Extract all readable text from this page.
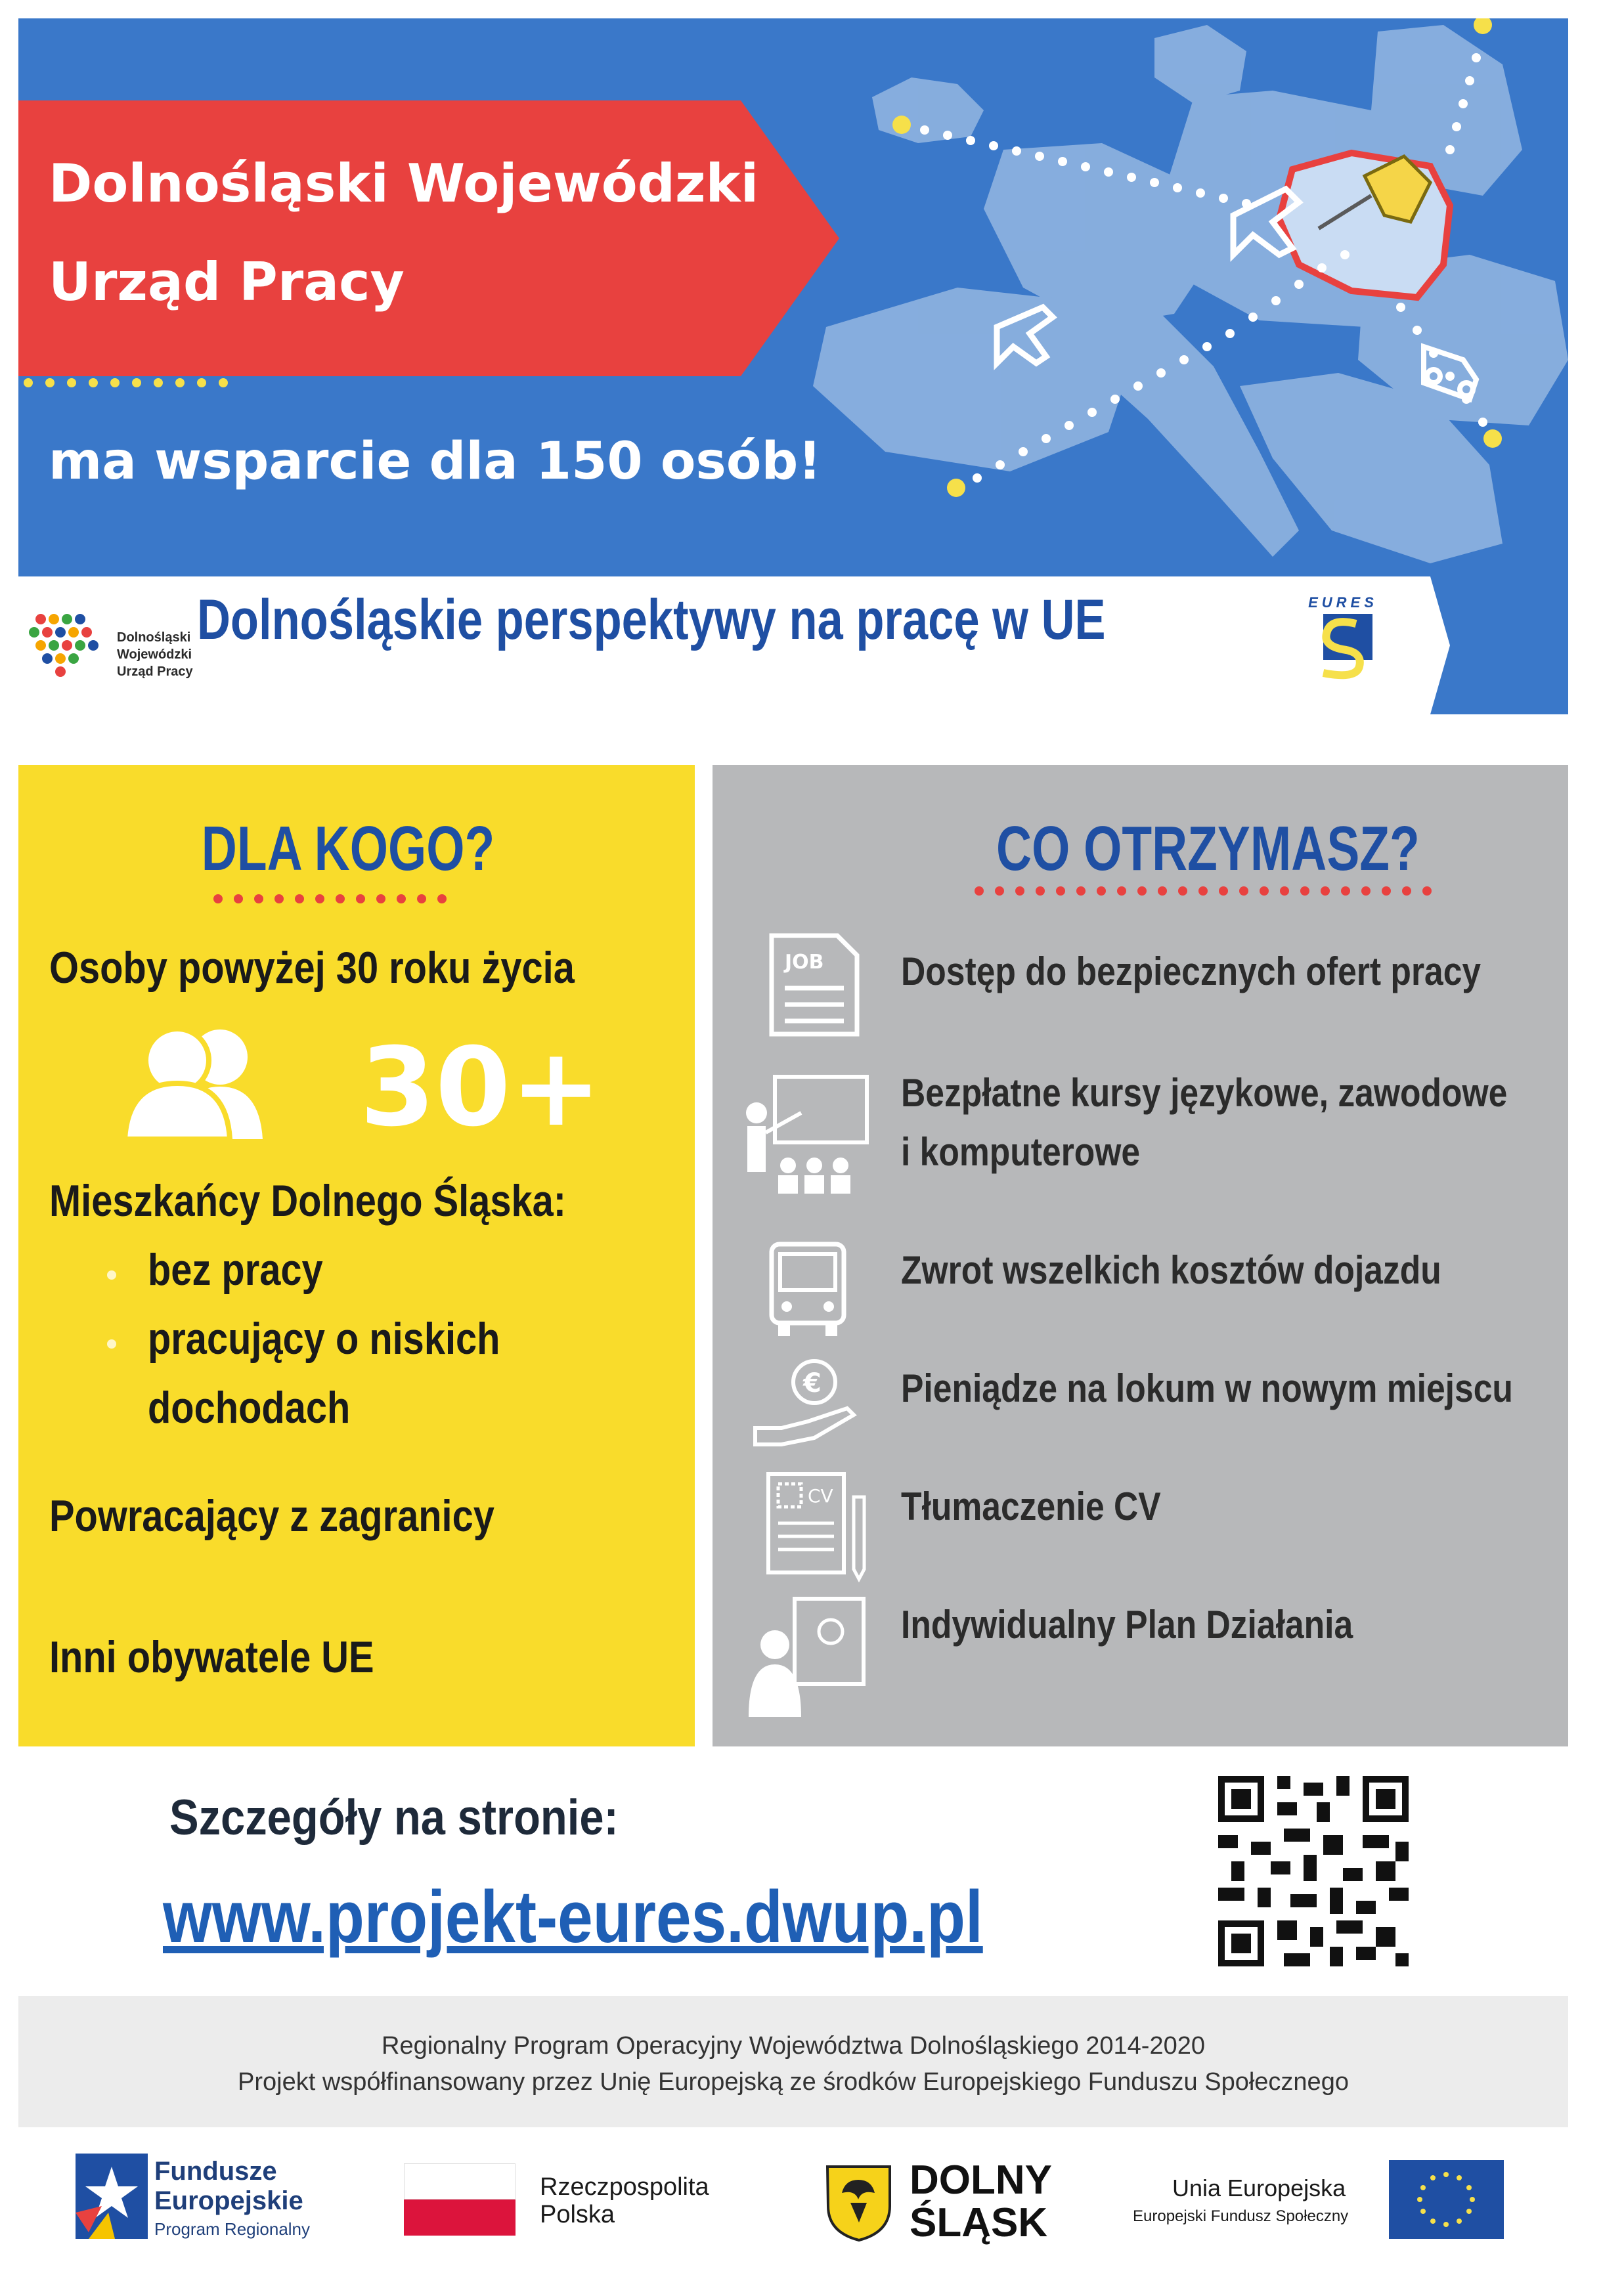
Dolnośląski Wojewódzki
Urząd Pracy
ma wsparcie dla 150 osób!
Dolnośląski
Wojewódzki
Urząd Pracy
Dolnośląskie perspektywy na pracę w UE	EURES
DLA KOGO?
Osoby powyżej 30 roku życia
30+
Mieszkańcy Dolnego Śląska:
bez pracy
pracujący o niskich
dochodach
Powracający z zagranicy
Inni obywatele UE
CO OTRZYMASZ?
JOB
€
CV
Dostęp do bezpiecznych ofert pracy
Bezpłatne kursy językowe, zawodowe
i komputerowe
Zwrot wszelkich kosztów dojazdu
Pieniądze na lokum w nowym miejscu
Tłumaczenie CV
Indywidualny Plan Działania
Szczegóły na stronie:
www.projekt-eures.dwup.pl
Regionalny Program Operacyjny Województwa Dolnośląskiego 2014-2020
Projekt współfinansowany przez Unię Europejską ze środków Europejskiego Funduszu Społecznego
Fundusze
Europejskie
Program Regionalny
Rzeczpospolita
Polska
DOLNY
ŚLĄSK
Unia Europejska
Europejski Fundusz Społeczny
